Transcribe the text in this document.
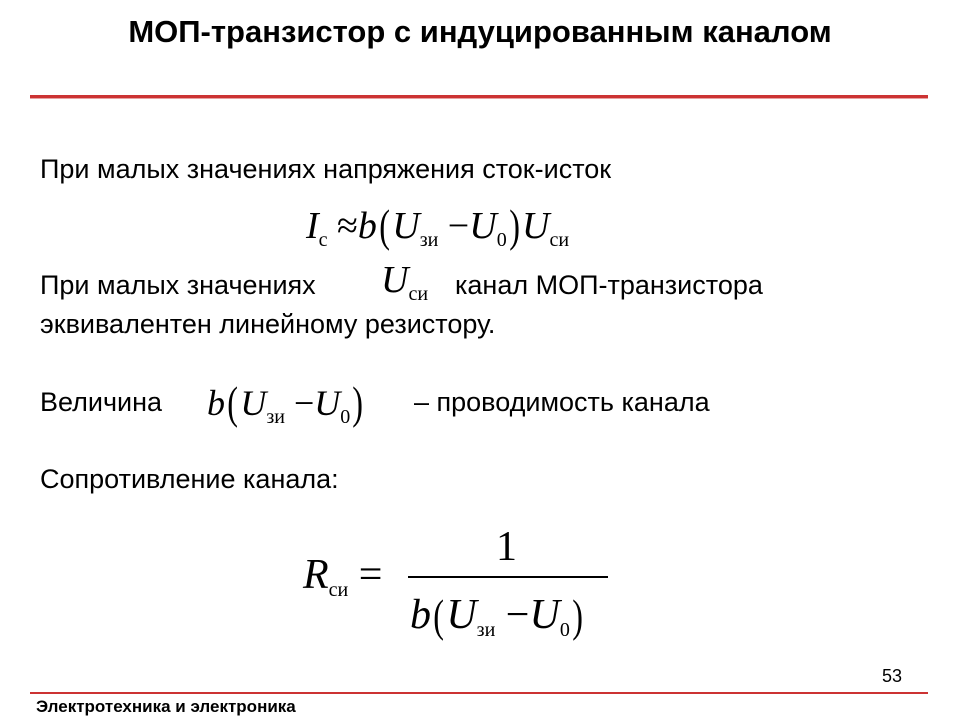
МОП-транзистор с индуцированным каналом
При малых значениях напряжения сток-исток
$I_с \approx b(U_{зи} -U_0)U_{си}$
При малых значениях $U_{си}$ канал МОП-транзистора
эквивалентен линейному резистору.
Величина $b(U_{зи} -U_0)$ – проводимость канала
Сопротивление канала:
Rси =
1
b(Uзи −U0)
53
Электротехника и электроника
